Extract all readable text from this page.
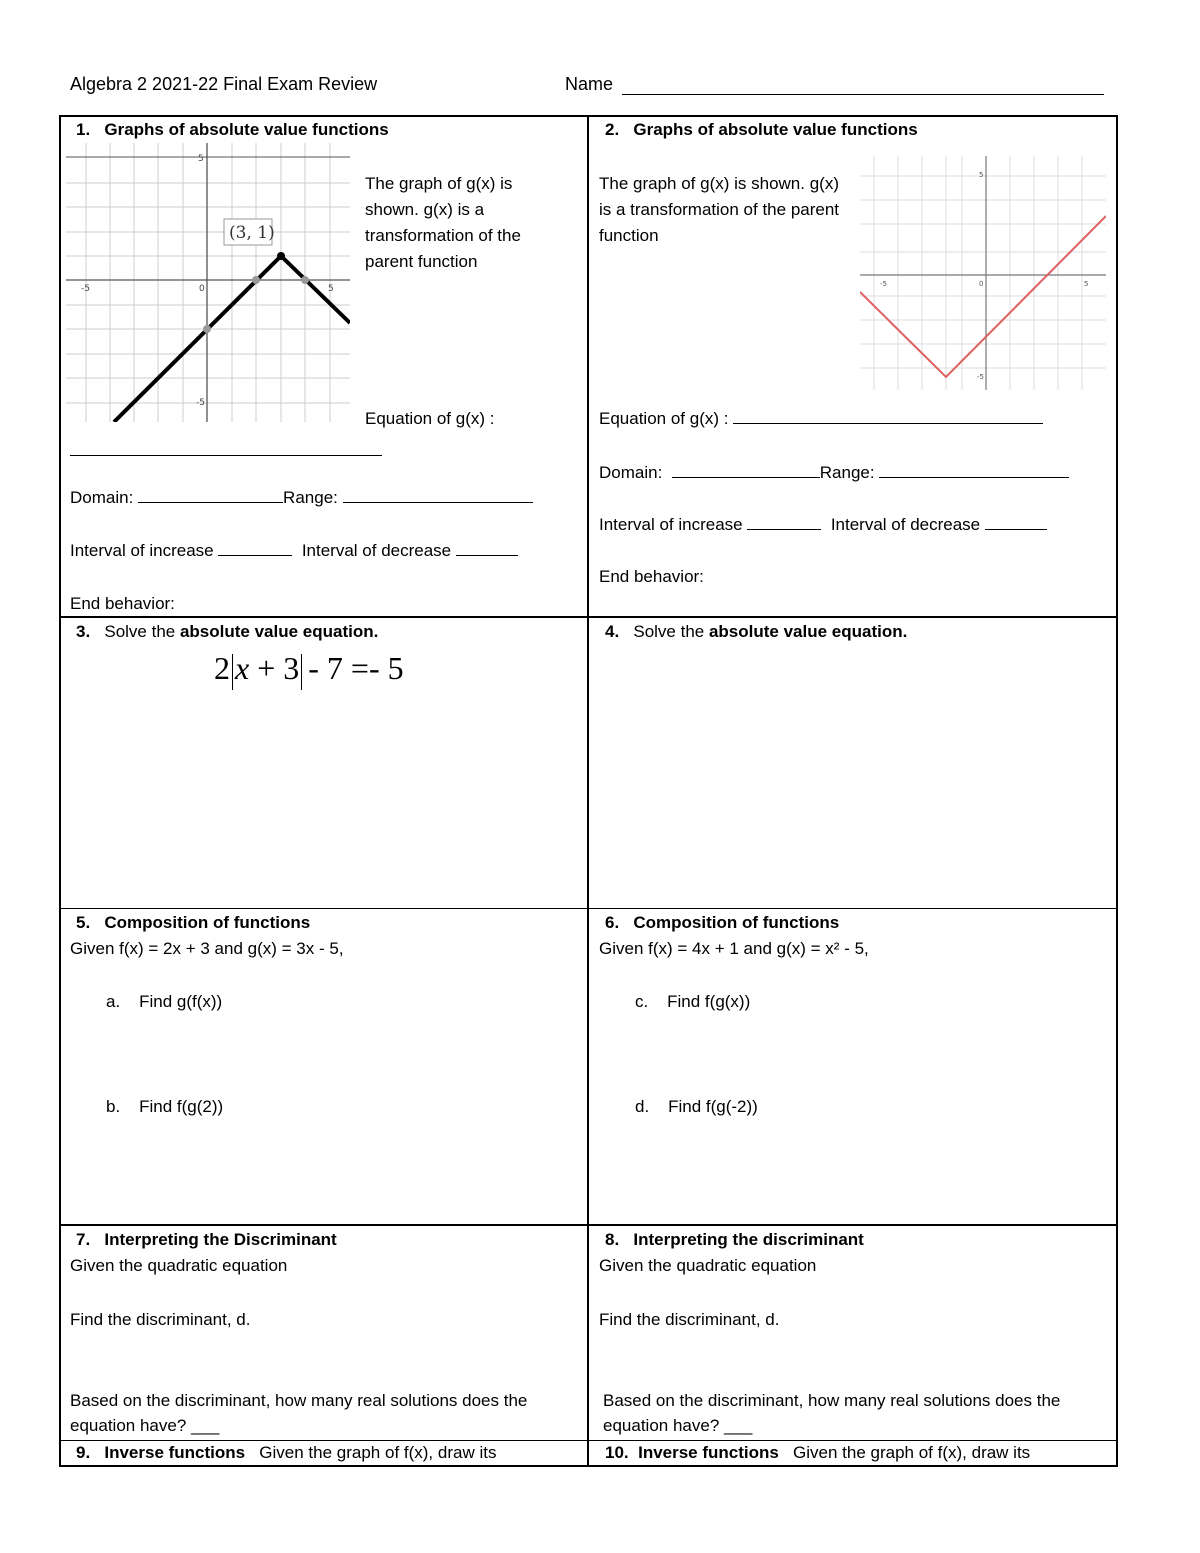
Algebra 2 2021-22 Final Exam Review	Name
1. Graphs of absolute value functions
-5	0	5
5
-5
(3, 1)
The graph of g(x) is shown. g(x) is a transformation of the parent function
Equation of g(x) :
Domain:	Range:
Interval of increase	Interval of decrease
End behavior:
2. Graphs of absolute value functions
The graph of g(x) is shown. g(x) is a transformation of the parent function
-5	0	5
5
-5
Equation of g(x) :
Domain:	Range:
Interval of increase	Interval of decrease
End behavior:
3. Solve the absolute value equation.
2 x + 3 - 7 =- 5
4. Solve the absolute value equation.
5. Composition of functions
Given f(x) = 2x + 3 and g(x) = 3x - 5,
a. Find g(f(x))
b. Find f(g(2))
6. Composition of functions
Given f(x) = 4x + 1 and g(x) = x² - 5,
c. Find f(g(x))
d. Find f(g(-2))
7. Interpreting the Discriminant
Given the quadratic equation
Find the discriminant, d.
Based on the discriminant, how many real solutions does the equation have? ___
8. Interpreting the discriminant
Given the quadratic equation
Find the discriminant, d.
Based on the discriminant, how many real solutions does the equation have? ___
9. Inverse functions Given the graph of f(x), draw its	10. Inverse functions Given the graph of f(x), draw its
